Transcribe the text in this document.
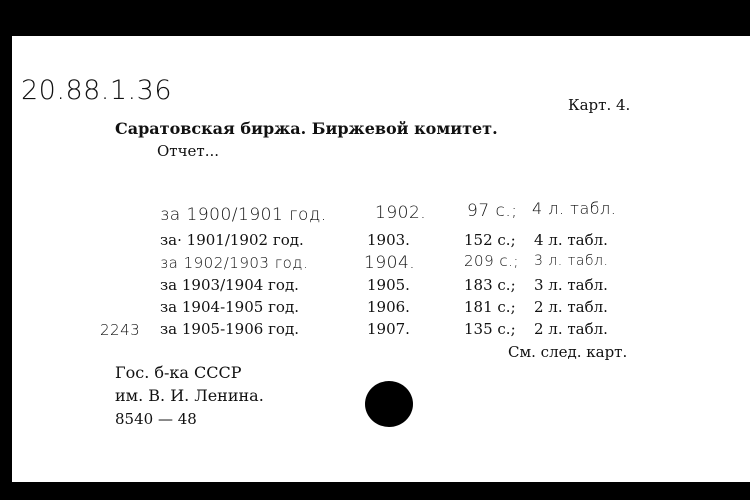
20.88.1.36	Карт. 4.
Саратовская биржа. Биржевой комитет.
Отчет...
за 1900/1901 год.	1902. 97 с.; 4 л. табл.
за· 1901/1902 год.	1903.	152 с.; 4 л. табл.
за 1902/1903 год.	1904.	209 с.; 3 л. табл.
за 1903/1904 год.	1905.	183 с.; 3 л. табл.
за 1904-1905 год.	1906.	181 с.; 2 л. табл.
2243 за 1905-1906 год.	1907.	135 с.; 2 л. табл.
См. след. карт.
Гос. б-ка СССР
им. В. И. Ленина.
8540 — 48
